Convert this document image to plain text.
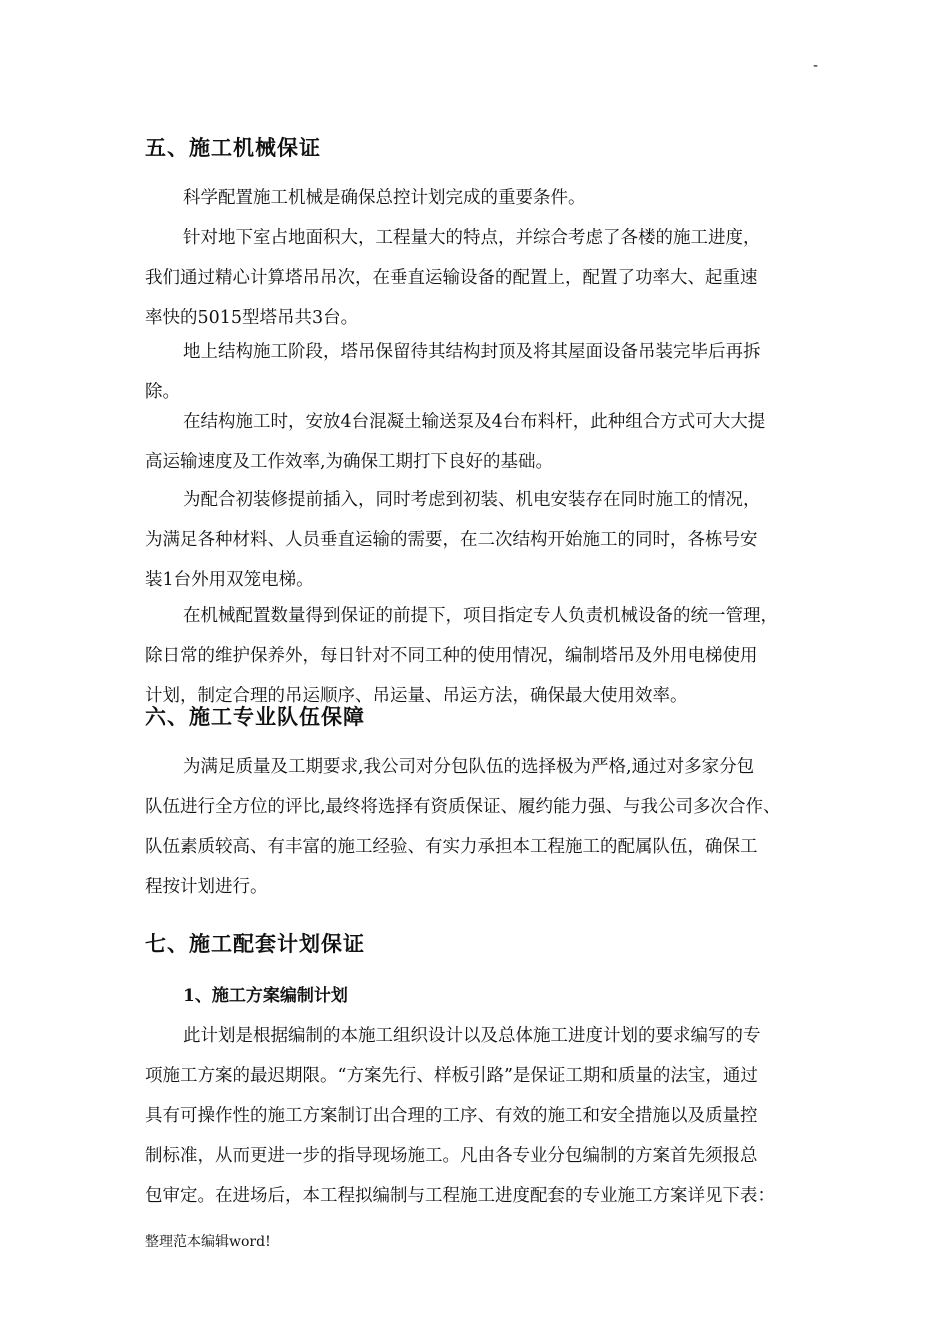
-
五、施工机械保证

科学配置施工机械是确保总控计划完成的重要条件。

针对地下室占地面积大，工程量大的特点，并综合考虑了各楼的施工进度，
我们通过精心计算塔吊吊次，在垂直运输设备的配置上，配置了功率大、起重速
率快的5015型塔吊共3台。

地上结构施工阶段，塔吊保留待其结构封顶及将其屋面设备吊装完毕后再拆
除。

在结构施工时，安放4台混凝土输送泵及4台布料杆，此种组合方式可大大提
高运输速度及工作效率,为确保工期打下良好的基础。

为配合初装修提前插入，同时考虑到初装、机电安装存在同时施工的情况，
为满足各种材料、人员垂直运输的需要，在二次结构开始施工的同时，各栋号安
装1台外用双笼电梯。

在机械配置数量得到保证的前提下，项目指定专人负责机械设备的统一管理，
除日常的维护保养外，每日针对不同工种的使用情况，编制塔吊及外用电梯使用
计划，制定合理的吊运顺序、吊运量、吊运方法，确保最大使用效率。

六、施工专业队伍保障

为满足质量及工期要求,我公司对分包队伍的选择极为严格,通过对多家分包
队伍进行全方位的评比,最终将选择有资质保证、履约能力强、与我公司多次合作、
队伍素质较高、有丰富的施工经验、有实力承担本工程施工的配属队伍，确保工
程按计划进行。

七、施工配套计划保证
1、施工方案编制计划

此计划是根据编制的本施工组织设计以及总体施工进度计划的要求编写的专
项施工方案的最迟期限。“方案先行、样板引路”是保证工期和质量的法宝，通过
具有可操作性的施工方案制订出合理的工序、有效的施工和安全措施以及质量控
制标准，从而更进一步的指导现场施工。凡由各专业分包编制的方案首先须报总
包审定。在进场后，本工程拟编制与工程施工进度配套的专业施工方案详见下表：

整理范本编辑word!
